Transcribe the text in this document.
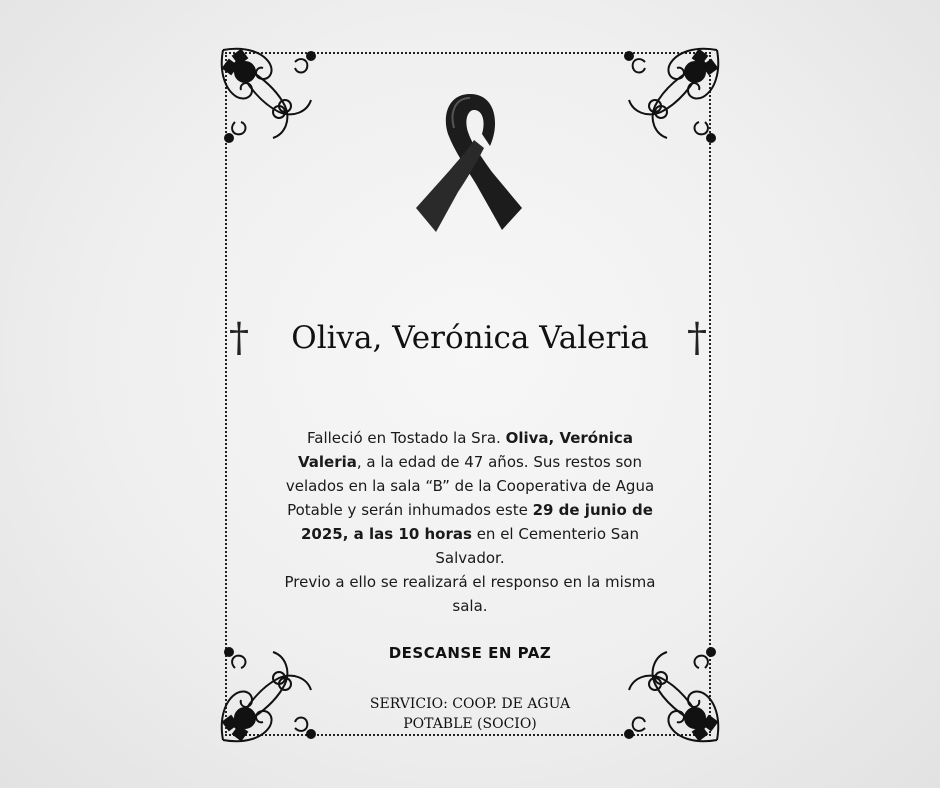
†	†
Oliva, Verónica Valeria

Falleció en Tostado la Sra. Oliva, Verónica Valeria, a la edad de 47 años. Sus restos son velados en la sala “B” de la Cooperativa de Agua Potable y serán inhumados este 29 de junio de 2025, a las 10 horas en el Cementerio San Salvador.
Previo a ello se realizará el responso en la misma sala.

DESCANSE EN PAZ
SERVICIO: COOP. DE AGUA
POTABLE (SOCIO)
